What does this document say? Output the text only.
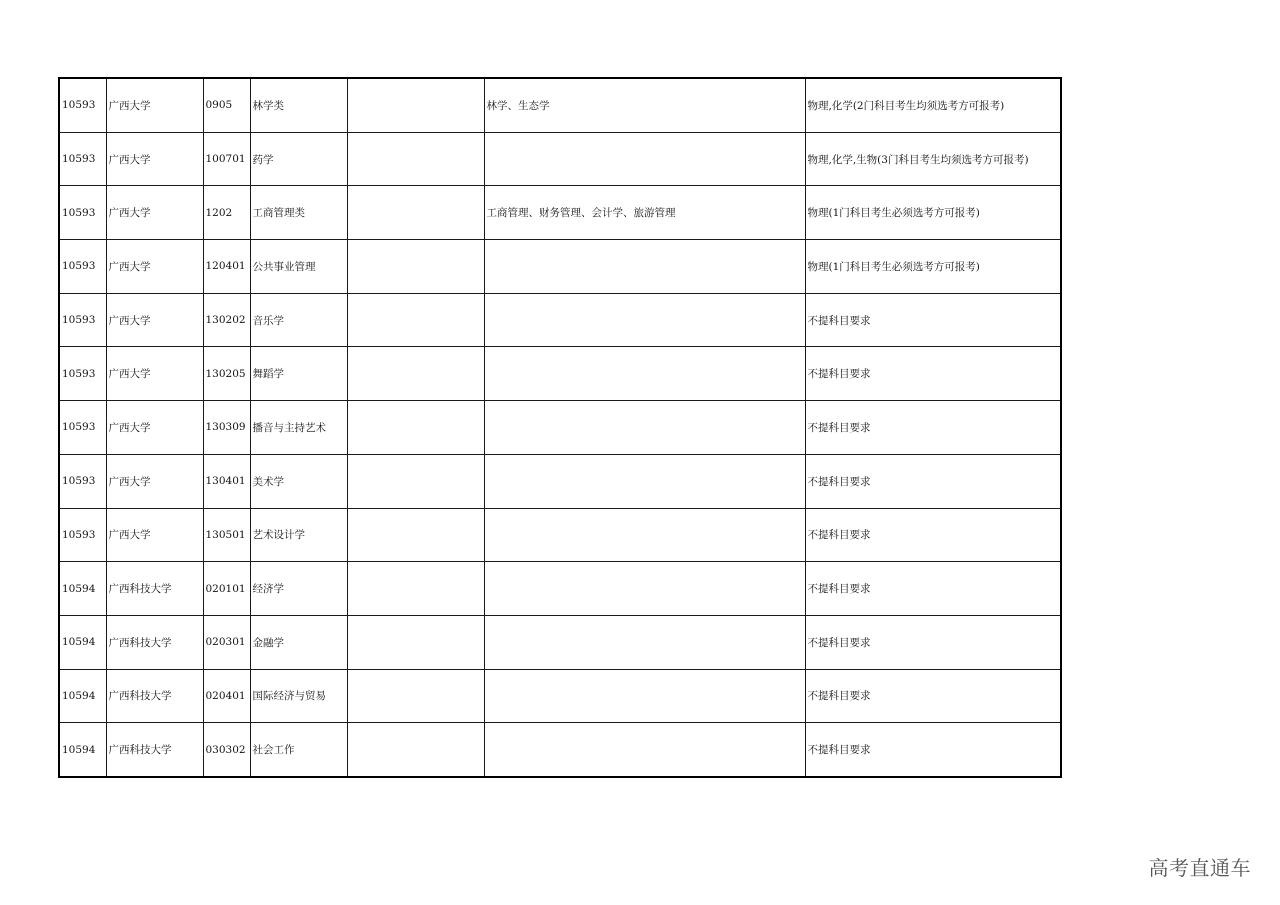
10593	广西大学	0905	林学类		林学、生态学	物理,化学(2门科目考生均须选考方可报考)
10593	广西大学	100701	药学			物理,化学,生物(3门科目考生均须选考方可报考)
10593	广西大学	1202	工商管理类		工商管理、财务管理、会计学、旅游管理	物理(1门科目考生必须选考方可报考)
10593	广西大学	120401	公共事业管理			物理(1门科目考生必须选考方可报考)
10593	广西大学	130202	音乐学			不提科目要求
10593	广西大学	130205	舞蹈学			不提科目要求
10593	广西大学	130309	播音与主持艺术			不提科目要求
10593	广西大学	130401	美术学			不提科目要求
10593	广西大学	130501	艺术设计学			不提科目要求
10594	广西科技大学	020101	经济学			不提科目要求
10594	广西科技大学	020301	金融学			不提科目要求
10594	广西科技大学	020401	国际经济与贸易			不提科目要求
10594	广西科技大学	030302	社会工作			不提科目要求
高考直通车
